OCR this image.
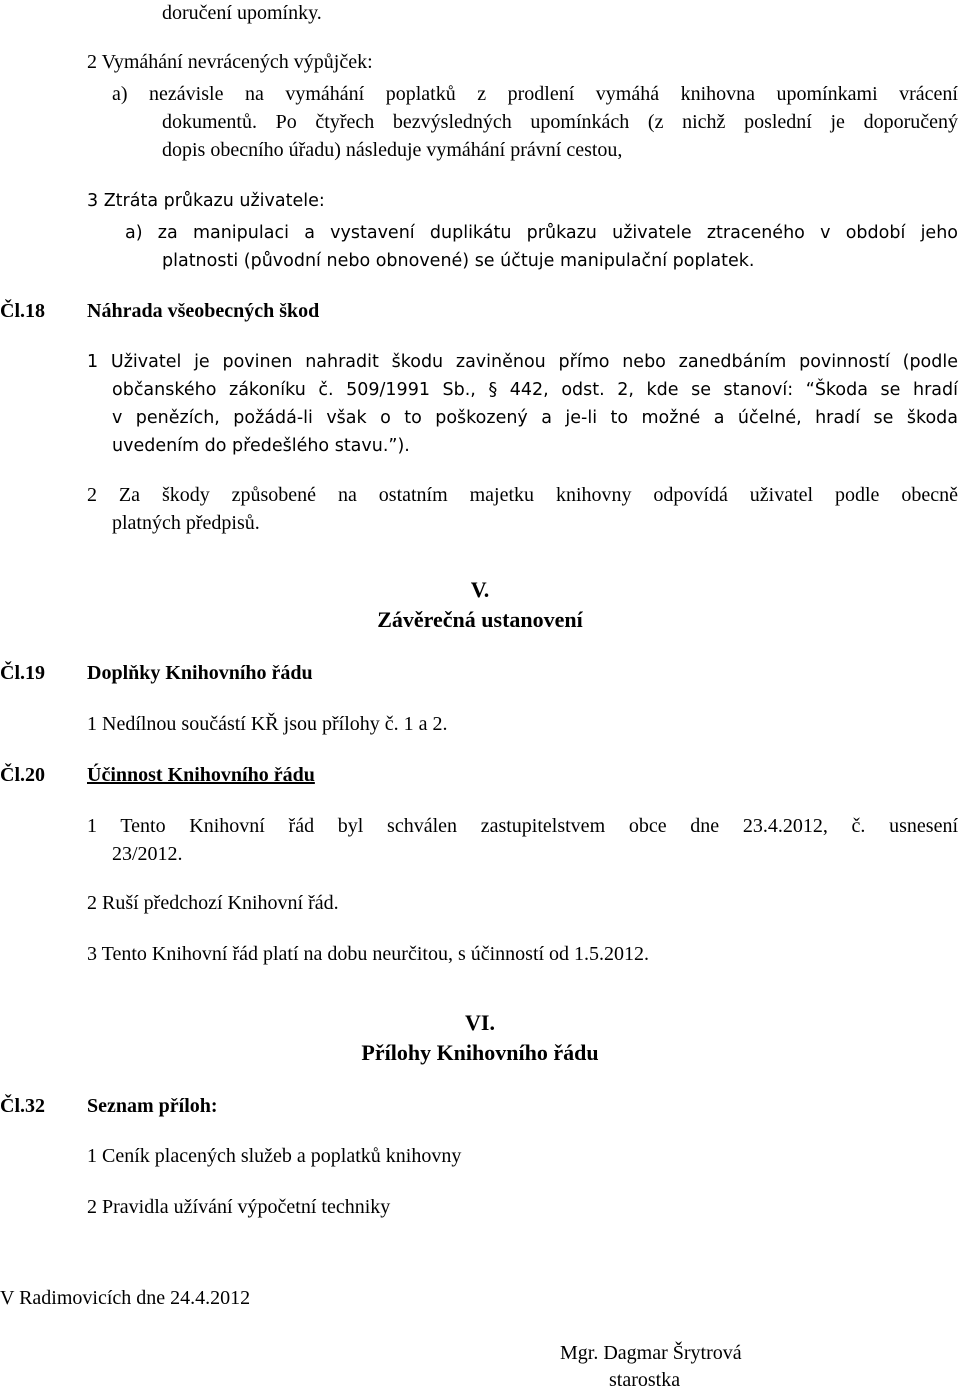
doručení upomínky.
2 Vymáhání nevrácených výpůjček:
a) nezávisle na vymáhání poplatků z prodlení vymáhá knihovna upomínkami vrácení
dokumentů. Po čtyřech bezvýsledných upomínkách (z nichž poslední je doporučený
dopis obecního úřadu) následuje vymáhání právní cestou,
3 Ztráta průkazu uživatele:
a) za manipulaci a vystavení duplikátu průkazu uživatele ztraceného v období jeho
platnosti (původní nebo obnovené) se účtuje manipulační poplatek.
Čl.18 Náhrada všeobecných škod
1 Uživatel je povinen nahradit škodu zaviněnou přímo nebo zanedbáním povinností (podle
občanského zákoníku č. 509/1991 Sb., § 442, odst. 2, kde se stanoví: “Škoda se hradí
v penězích, požádá-li však o to poškozený a je-li to možné a účelné, hradí se škoda
uvedením do předešlého stavu.”).
2 Za škody způsobené na ostatním majetku knihovny odpovídá uživatel podle obecně
platných předpisů.
V.
Závěrečná ustanovení
Čl.19 Doplňky Knihovního řádu
1 Nedílnou součástí KŘ jsou přílohy č. 1 a 2.
Čl.20 Účinnost Knihovního řádu
1 Tento Knihovní řád byl schválen zastupitelstvem obce dne 23.4.2012, č. usnesení
23/2012.
2 Ruší předchozí Knihovní řád.
3 Tento Knihovní řád platí na dobu neurčitou, s účinností od 1.5.2012.
VI.
Přílohy Knihovního řádu
Čl.32 Seznam příloh:
1 Ceník placených služeb a poplatků knihovny
2 Pravidla užívání výpočetní techniky
V Radimovicích dne 24.4.2012
Mgr. Dagmar Šrytrová
starostka
